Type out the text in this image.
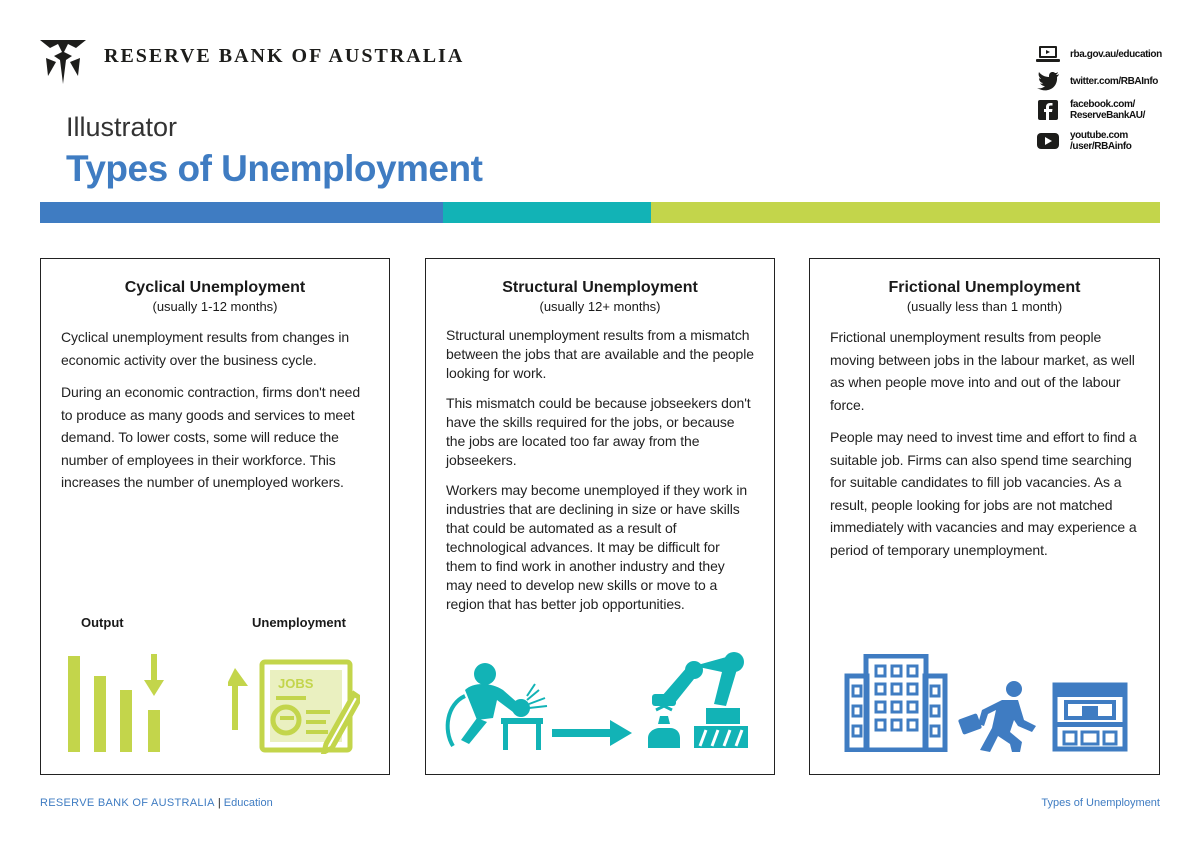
RESERVE BANK OF AUSTRALIA
Illustrator
Types of Unemployment
rba.gov.au/education
twitter.com/RBAInfo
facebook.com/
ReserveBankAU/
youtube.com
/user/RBAinfo
Cyclical Unemployment
(usually 1-12 months)

Cyclical unemployment results from changes in economic activity over the business cycle.

During an economic contraction, firms don't need to produce as many goods and services to meet demand. To lower costs, some will reduce the number of employees in their workforce. This increases the number of unemployed workers.

Output	Unemployment
JOBS
Structural Unemployment
(usually 12+ months)

Structural unemployment results from a mismatch between the jobs that are available and the people looking for work.

This mismatch could be because jobseekers don't have the skills required for the jobs, or because the jobs are located too far away from the jobseekers.

Workers may become unemployed if they work in industries that are declining in size or have skills that could be automated as a result of technological advances. It may be difficult for them to find work in another industry and they may need to develop new skills or move to a region that has better job opportunities.

Frictional Unemployment
(usually less than 1 month)

Frictional unemployment results from people moving between jobs in the labour market, as well as when people move into and out of the labour force.

People may need to invest time and effort to find a suitable job. Firms can also spend time searching for suitable candidates to fill job vacancies. As a result, people looking for jobs are not matched immediately with vacancies and may experience a period of temporary unemployment.

RESERVE BANK OF AUSTRALIA | Education	Types of Unemployment
